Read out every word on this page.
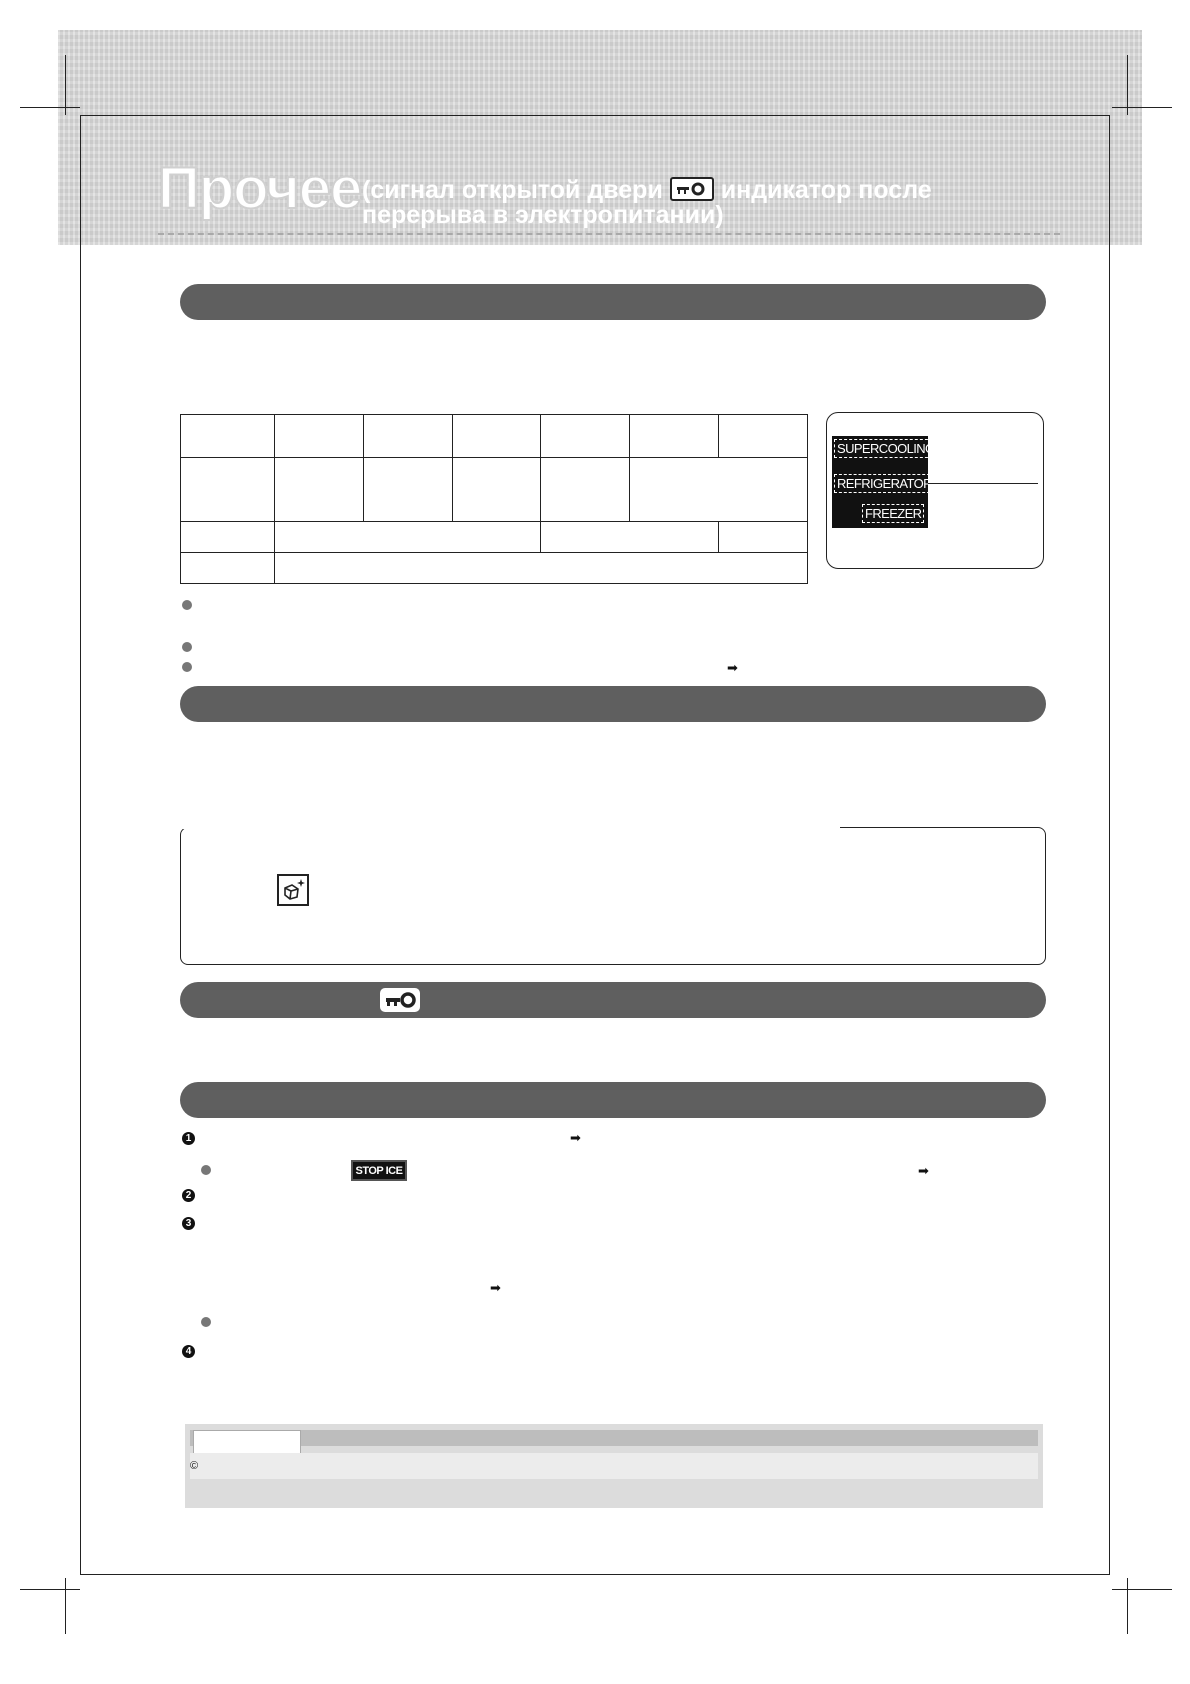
Прочее (сигнал открытой двери индикатор после перерыва в электропитании)

SUPERCOOLING
REFRIGERATOR
FREEZER
➡
1	➡
STOP ICE	➡
2
3
➡
4
©
